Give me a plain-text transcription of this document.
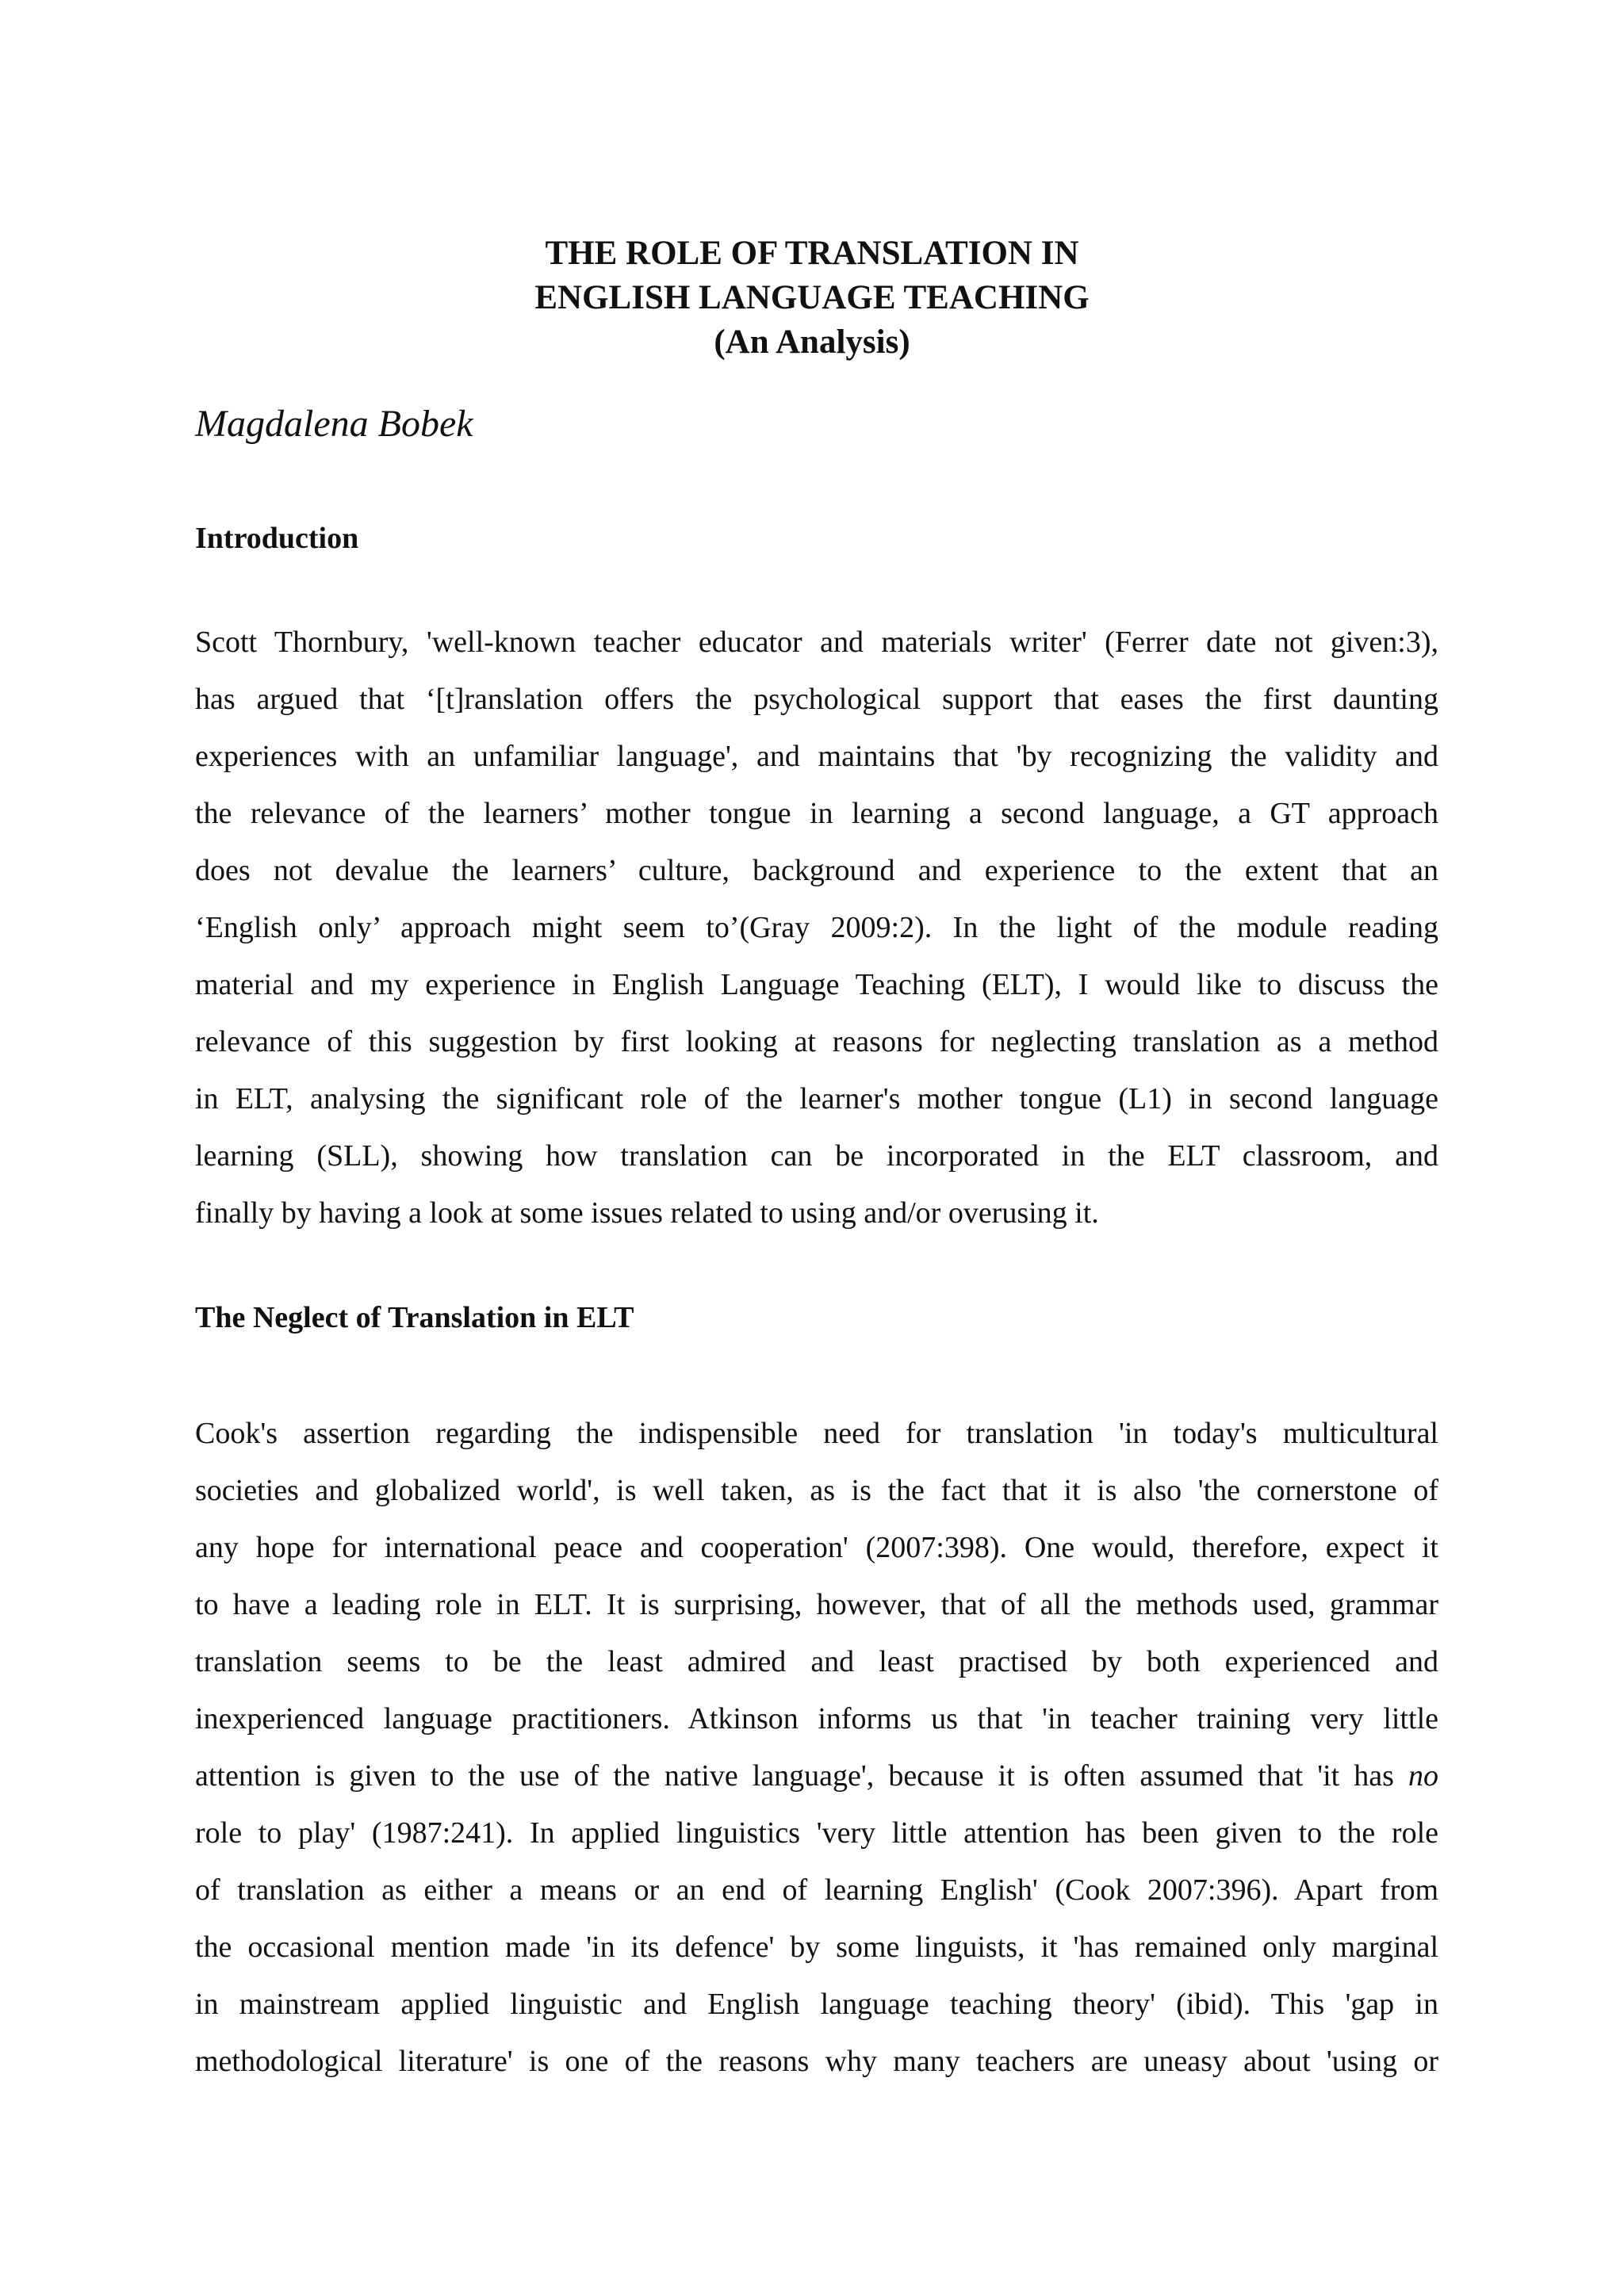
THE ROLE OF TRANSLATION IN
ENGLISH LANGUAGE TEACHING
(An Analysis)
Magdalena Bobek
Introduction
Scott Thornbury, 'well-known teacher educator and materials writer' (Ferrer date not given:3),
has argued that ‘[t]ranslation offers the psychological support that eases the first daunting
experiences with an unfamiliar language', and maintains that 'by recognizing the validity and
the relevance of the learners’ mother tongue in learning a second language, a GT approach
does not devalue the learners’ culture, background and experience to the extent that an
‘English only’ approach might seem to’(Gray 2009:2). In the light of the module reading
material and my experience in English Language Teaching (ELT), I would like to discuss the
relevance of this suggestion by first looking at reasons for neglecting translation as a method
in ELT, analysing the significant role of the learner's mother tongue (L1) in second language
learning (SLL), showing how translation can be incorporated in the ELT classroom, and
finally by having a look at some issues related to using and/or overusing it.
The Neglect of Translation in ELT
Cook's assertion regarding the indispensible need for translation 'in today's multicultural
societies and globalized world', is well taken, as is the fact that it is also 'the cornerstone of
any hope for international peace and cooperation' (2007:398). One would, therefore, expect it
to have a leading role in ELT. It is surprising, however, that of all the methods used, grammar
translation seems to be the least admired and least practised by both experienced and
inexperienced language practitioners. Atkinson informs us that 'in teacher training very little
attention is given to the use of the native language', because it is often assumed that 'it has no
role to play' (1987:241). In applied linguistics 'very little attention has been given to the role
of translation as either a means or an end of learning English' (Cook 2007:396). Apart from
the occasional mention made 'in its defence' by some linguists, it 'has remained only marginal
in mainstream applied linguistic and English language teaching theory' (ibid). This 'gap in
methodological literature' is one of the reasons why many teachers are uneasy about 'using or
